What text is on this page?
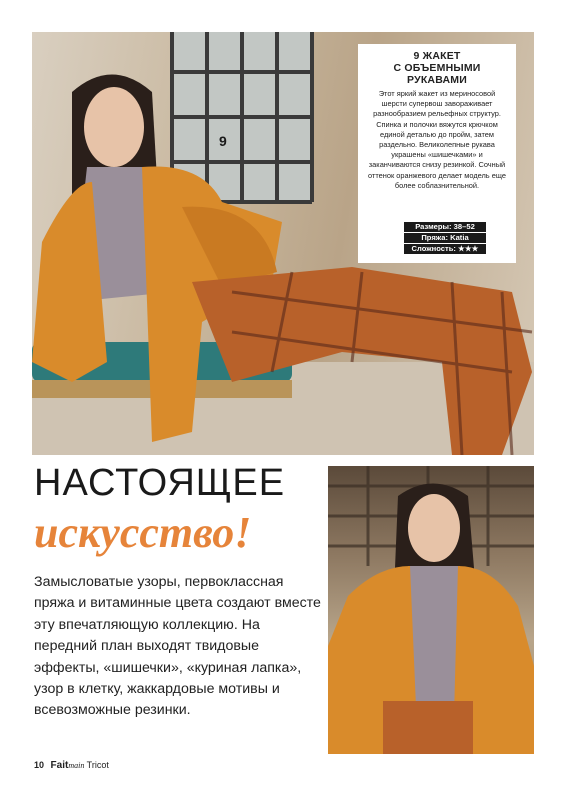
9
9 ЖАКЕТ
С ОБЪЕМНЫМИ
РУКАВАМИ
Этот яркий жакет из мериносовой шерсти супервош завораживает разнообразием рельефных структур. Спинка и полочки вяжутся крючком единой деталью до пройм, затем раздельно. Великолепные рукава украшены «шишечками» и заканчиваются снизу резинкой. Сочный оттенок оранжевого делает модель еще более соблазнительной.
Размеры: 38–52
Пряжа: Katia
Сложность: ★★★
НАСТОЯЩЕЕ
искусство!
Замысловатые узоры, первоклассная пряжа и витаминные цвета создают вместе эту впечатляющую коллекцию. На передний план выходят твидовые эффекты, «шишечки», «куриная лапка», узор в клетку, жаккардовые мотивы и всевозможные резинки.
10 Faitmain Tricot
PassionForum.ru
